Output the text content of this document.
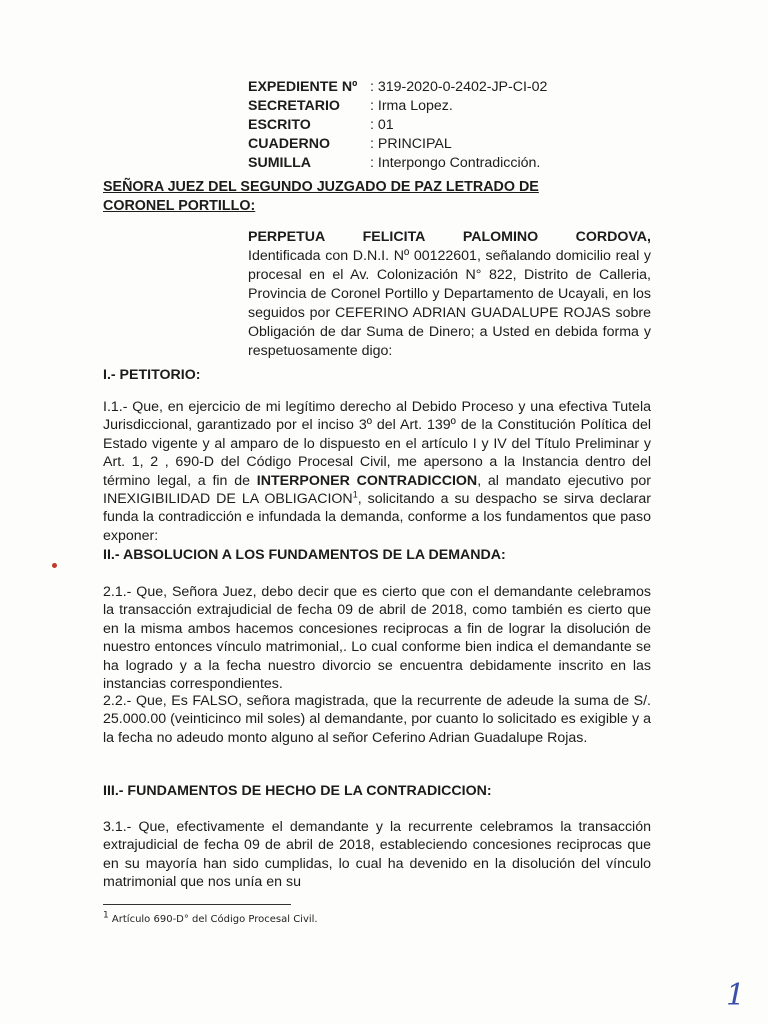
EXPEDIENTE Nº : 319-2020-0-2402-JP-CI-02
SECRETARIO	: Irma Lopez.
ESCRITO	: 01
CUADERNO	: PRINCIPAL
SUMILLA	: Interpongo Contradicción.
SEÑORA JUEZ DEL SEGUNDO JUZGADO DE PAZ LETRADO DE CORONEL PORTILLO:
PERPETUA	FELICITA	PALOMINO	CORDOVA,
Identificada con D.N.I. Nº 00122601, señalando domicilio real y procesal en el Av. Colonización N° 822, Distrito de Calleria, Provincia de Coronel Portillo y Departamento de Ucayali, en los seguidos por CEFERINO ADRIAN GUADALUPE ROJAS sobre Obligación de dar Suma de Dinero; a Usted en debida forma y respetuosamente digo:
I.- PETITORIO:
I.1.- Que, en ejercicio de mi legítimo derecho al Debido Proceso y una efectiva Tutela Jurisdiccional, garantizado por el inciso 3º del Art. 139º de la Constitución Política del Estado vigente y al amparo de lo dispuesto en el artículo I y IV del Título Preliminar y Art. 1, 2 , 690-D del Código Procesal Civil, me apersono a la Instancia dentro del término legal, a fin de INTERPONER CONTRADICCION, al mandato ejecutivo por INEXIGIBILIDAD DE LA OBLIGACION$^1$, solicitando a su despacho se sirva declarar funda la contradicción e infundada la demanda, conforme a los fundamentos que paso exponer:
II.- ABSOLUCION A LOS FUNDAMENTOS DE LA DEMANDA:
2.1.- Que, Señora Juez, debo decir que es cierto que con el demandante celebramos la transacción extrajudicial de fecha 09 de abril de 2018, como también es cierto que en la misma ambos hacemos concesiones reciprocas a fin de lograr la disolución de nuestro entonces vínculo matrimonial,. Lo cual conforme bien indica el demandante se ha logrado y a la fecha nuestro divorcio se encuentra debidamente inscrito en las instancias correspondientes.
2.2.- Que, Es FALSO, señora magistrada, que la recurrente de adeude la suma de S/. 25.000.00 (veinticinco mil soles) al demandante, por cuanto lo solicitado es exigible y a la fecha no adeudo monto alguno al señor Ceferino Adrian Guadalupe Rojas.
III.- FUNDAMENTOS DE HECHO DE LA CONTRADICCION:
3.1.- Que, efectivamente el demandante y la recurrente celebramos la transacción extrajudicial de fecha 09 de abril de 2018, estableciendo concesiones reciprocas que en su mayoría han sido cumplidas, lo cual ha devenido en la disolución del vínculo matrimonial que nos unía en su
$^1$ Artículo 690-D° del Código Procesal Civil.
1
